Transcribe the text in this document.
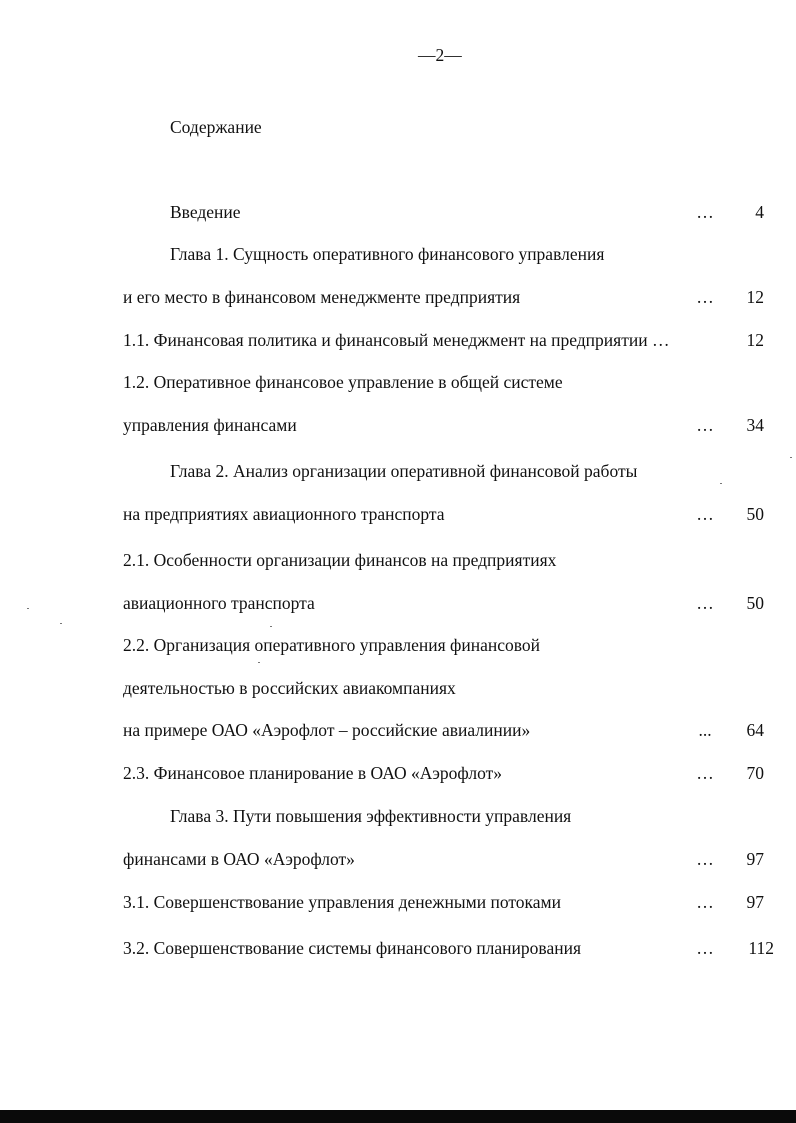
—2—
Содержание
Введение	… 4
Глава 1. Сущность оперативного финансового управления
и его место в финансовом менеджменте предприятия	… 12
1.1. Финансовая политика и финансовый менеджмент на предприятии …	12
1.2. Оперативное финансовое управление в общей системе
управления финансами	… 34
Глава 2. Анализ организации оперативной финансовой работы
на предприятиях авиационного транспорта	… 50
2.1. Особенности организации финансов на предприятиях
авиационного транспорта	… 50
2.2. Организация оперативного управления финансовой
деятельностью в российских авиакомпаниях
на примере ОАО «Аэрофлот – российские авиалинии»	... 64
2.3. Финансовое планирование в ОАО «Аэрофлот»	… 70
Глава 3. Пути повышения эффективности управления
финансами в ОАО «Аэрофлот»	… 97
3.1. Совершенствование управления денежными потоками	… 97
3.2. Совершенствование системы финансового планирования	… 112
